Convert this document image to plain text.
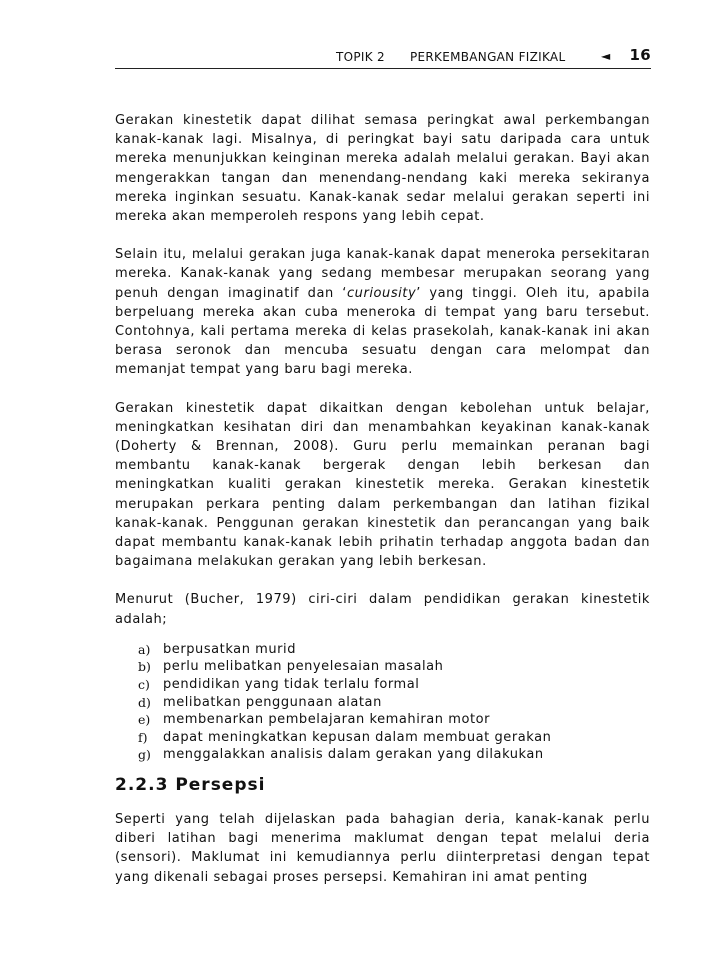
TOPIK 2 PERKEMBANGAN FIZIKAL	◄ 16

Gerakan kinestetik dapat dilihat semasa peringkat awal perkembangan kanak-kanak lagi. Misalnya, di peringkat bayi satu daripada cara untuk mereka menunjukkan keinginan mereka adalah melalui gerakan. Bayi akan mengerakkan tangan dan menendang-nendang kaki mereka sekiranya mereka inginkan sesuatu. Kanak-kanak sedar melalui gerakan seperti ini mereka akan memperoleh respons yang lebih cepat.

Selain itu, melalui gerakan juga kanak-kanak dapat meneroka persekitaran mereka. Kanak-kanak yang sedang membesar merupakan seorang yang penuh dengan imaginatif dan ‘curiousity’ yang tinggi. Oleh itu, apabila berpeluang mereka akan cuba meneroka di tempat yang baru tersebut. Contohnya, kali pertama mereka di kelas prasekolah, kanak-kanak ini akan berasa seronok dan mencuba sesuatu dengan cara melompat dan memanjat tempat yang baru bagi mereka.

Gerakan kinestetik dapat dikaitkan dengan kebolehan untuk belajar, meningkatkan kesihatan diri dan menambahkan keyakinan kanak-kanak (Doherty & Brennan, 2008). Guru perlu memainkan peranan bagi membantu kanak-kanak bergerak dengan lebih berkesan dan meningkatkan kualiti gerakan kinestetik mereka. Gerakan kinestetik merupakan perkara penting dalam perkembangan dan latihan fizikal kanak-kanak. Penggunan gerakan kinestetik dan perancangan yang baik dapat membantu kanak-kanak lebih prihatin terhadap anggota badan dan bagaimana melakukan gerakan yang lebih berkesan.

Menurut (Bucher, 1979) ciri-ciri dalam pendidikan gerakan kinestetik adalah;

a) berpusatkan murid
b) perlu melibatkan penyelesaian masalah
c) pendidikan yang tidak terlalu formal
d) melibatkan penggunaan alatan
e) membenarkan pembelajaran kemahiran motor
f) dapat meningkatkan kepusan dalam membuat gerakan
g) menggalakkan analisis dalam gerakan yang dilakukan
2.2.3 Persepsi

Seperti yang telah dijelaskan pada bahagian deria, kanak-kanak perlu diberi latihan bagi menerima maklumat dengan tepat melalui deria (sensori). Maklumat ini kemudiannya perlu diinterpretasi dengan tepat yang dikenali sebagai proses persepsi. Kemahiran ini amat penting
